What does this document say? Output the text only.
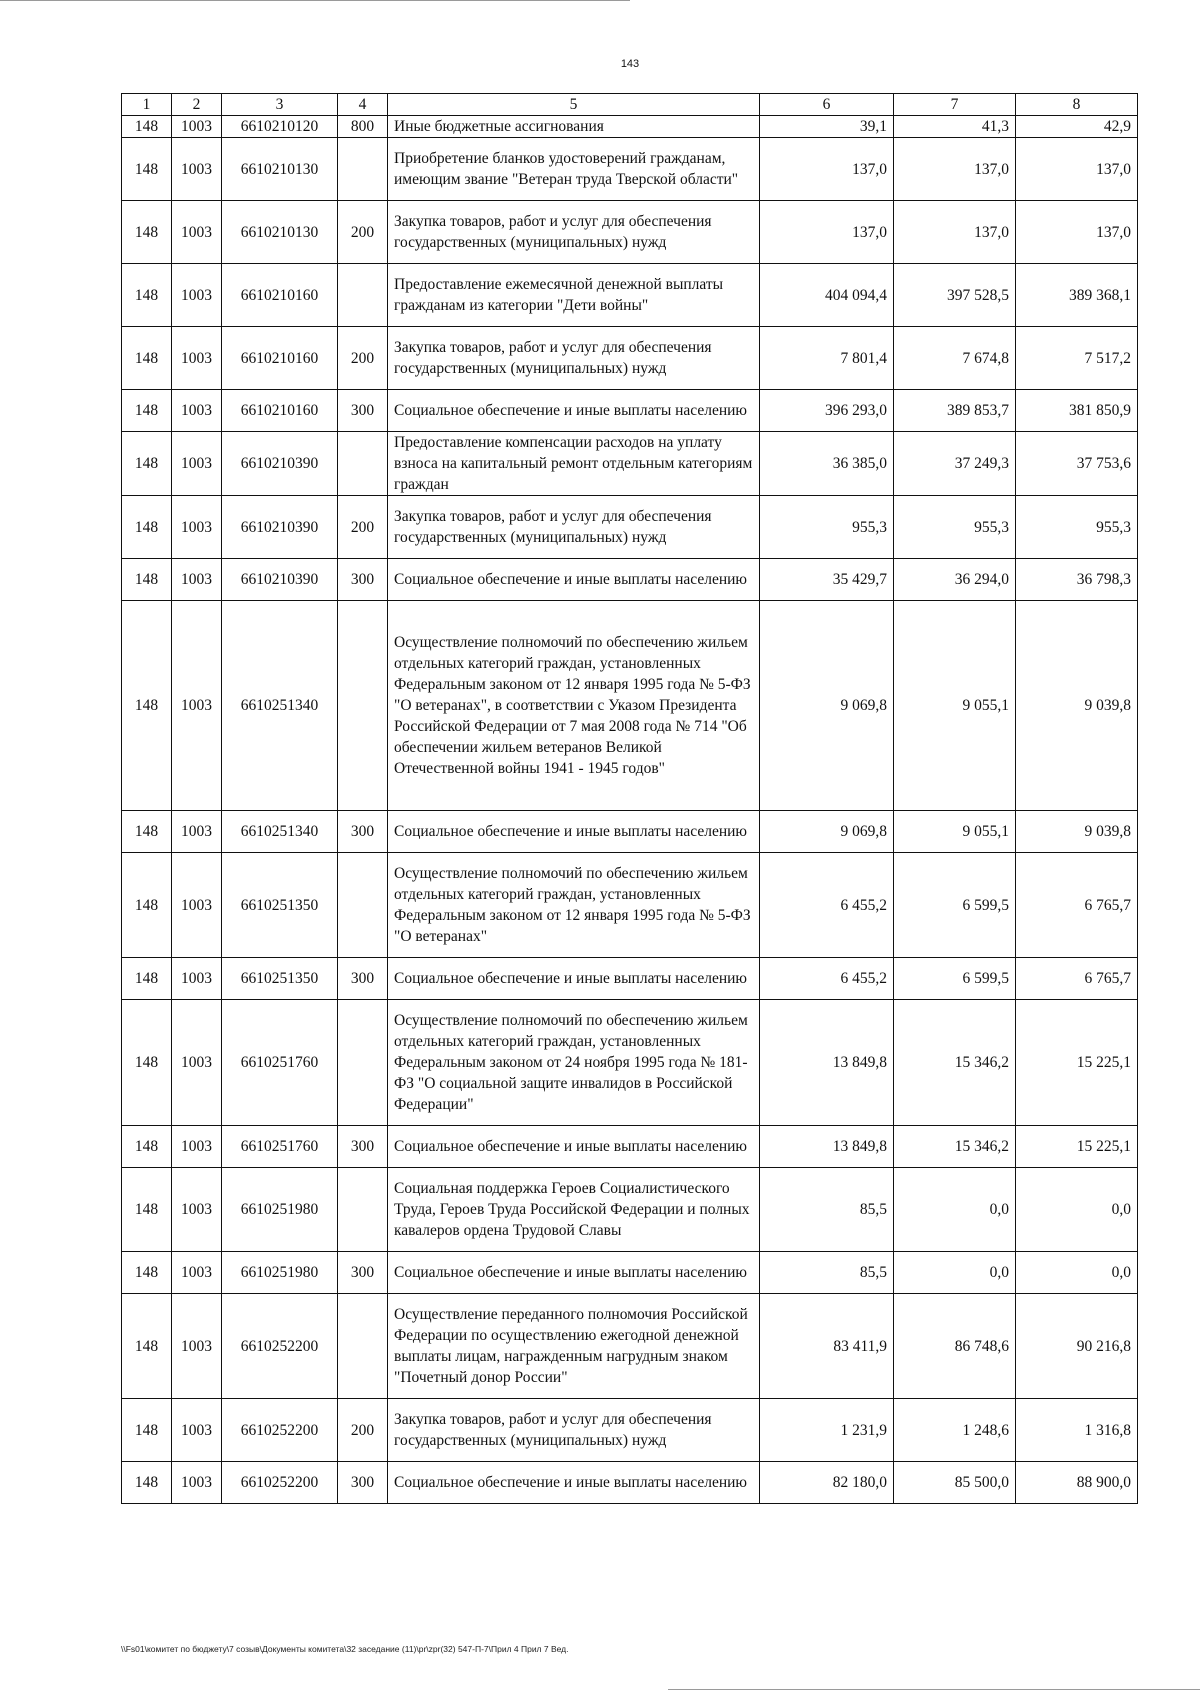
143
1	2	3	4	5	6	7	8
148	1003	6610210120	800	Иные бюджетные ассигнования	39,1	41,3	42,9
148	1003	6610210130		Приобретение бланков удостоверений гражданам, имеющим звание "Ветеран труда Тверской области"	137,0	137,0	137,0
148	1003	6610210130	200	Закупка товаров, работ и услуг для обеспечения государственных (муниципальных) нужд	137,0	137,0	137,0
148	1003	6610210160		Предоставление ежемесячной денежной выплаты гражданам из категории "Дети войны"	404 094,4	397 528,5	389 368,1
148	1003	6610210160	200	Закупка товаров, работ и услуг для обеспечения государственных (муниципальных) нужд	7 801,4	7 674,8	7 517,2
148	1003	6610210160	300	Социальное обеспечение и иные выплаты населению	396 293,0	389 853,7	381 850,9
148	1003	6610210390		Предоставление компенсации расходов на уплату взноса на капитальный ремонт отдельным категориям граждан	36 385,0	37 249,3	37 753,6
148	1003	6610210390	200	Закупка товаров, работ и услуг для обеспечения государственных (муниципальных) нужд	955,3	955,3	955,3
148	1003	6610210390	300	Социальное обеспечение и иные выплаты населению	35 429,7	36 294,0	36 798,3
148	1003	6610251340		Осуществление полномочий по обеспечению жильем отдельных категорий граждан, установленных Федеральным законом от 12 января 1995 года № 5-ФЗ "О ветеранах", в соответствии с Указом Президента Российской Федерации от 7 мая 2008 года № 714 "Об обеспечении жильем ветеранов Великой Отечественной войны 1941 - 1945 годов"	9 069,8	9 055,1	9 039,8
148	1003	6610251340	300	Социальное обеспечение и иные выплаты населению	9 069,8	9 055,1	9 039,8
148	1003	6610251350		Осуществление полномочий по обеспечению жильем отдельных категорий граждан, установленных Федеральным законом от 12 января 1995 года № 5-ФЗ "О ветеранах"	6 455,2	6 599,5	6 765,7
148	1003	6610251350	300	Социальное обеспечение и иные выплаты населению	6 455,2	6 599,5	6 765,7
148	1003	6610251760		Осуществление полномочий по обеспечению жильем отдельных категорий граждан, установленных Федеральным законом от 24 ноября 1995 года № 181-ФЗ "О социальной защите инвалидов в Российской Федерации"	13 849,8	15 346,2	15 225,1
148	1003	6610251760	300	Социальное обеспечение и иные выплаты населению	13 849,8	15 346,2	15 225,1
148	1003	6610251980		Социальная поддержка Героев Социалистического Труда, Героев Труда Российской Федерации и полных кавалеров ордена Трудовой Славы	85,5	0,0	0,0
148	1003	6610251980	300	Социальное обеспечение и иные выплаты населению	85,5	0,0	0,0
148	1003	6610252200		Осуществление переданного полномочия Российской Федерации по осуществлению ежегодной денежной выплаты лицам, награжденным нагрудным знаком "Почетный донор России"	83 411,9	86 748,6	90 216,8
148	1003	6610252200	200	Закупка товаров, работ и услуг для обеспечения государственных (муниципальных) нужд	1 231,9	1 248,6	1 316,8
148	1003	6610252200	300	Социальное обеспечение и иные выплаты населению	82 180,0	85 500,0	88 900,0
\\Fs01\комитет по бюджету\7 созыв\Документы комитета\32 заседание (11)\pr\zpr(32) 547-П-7\Прил 4 Прил 7 Вед.
